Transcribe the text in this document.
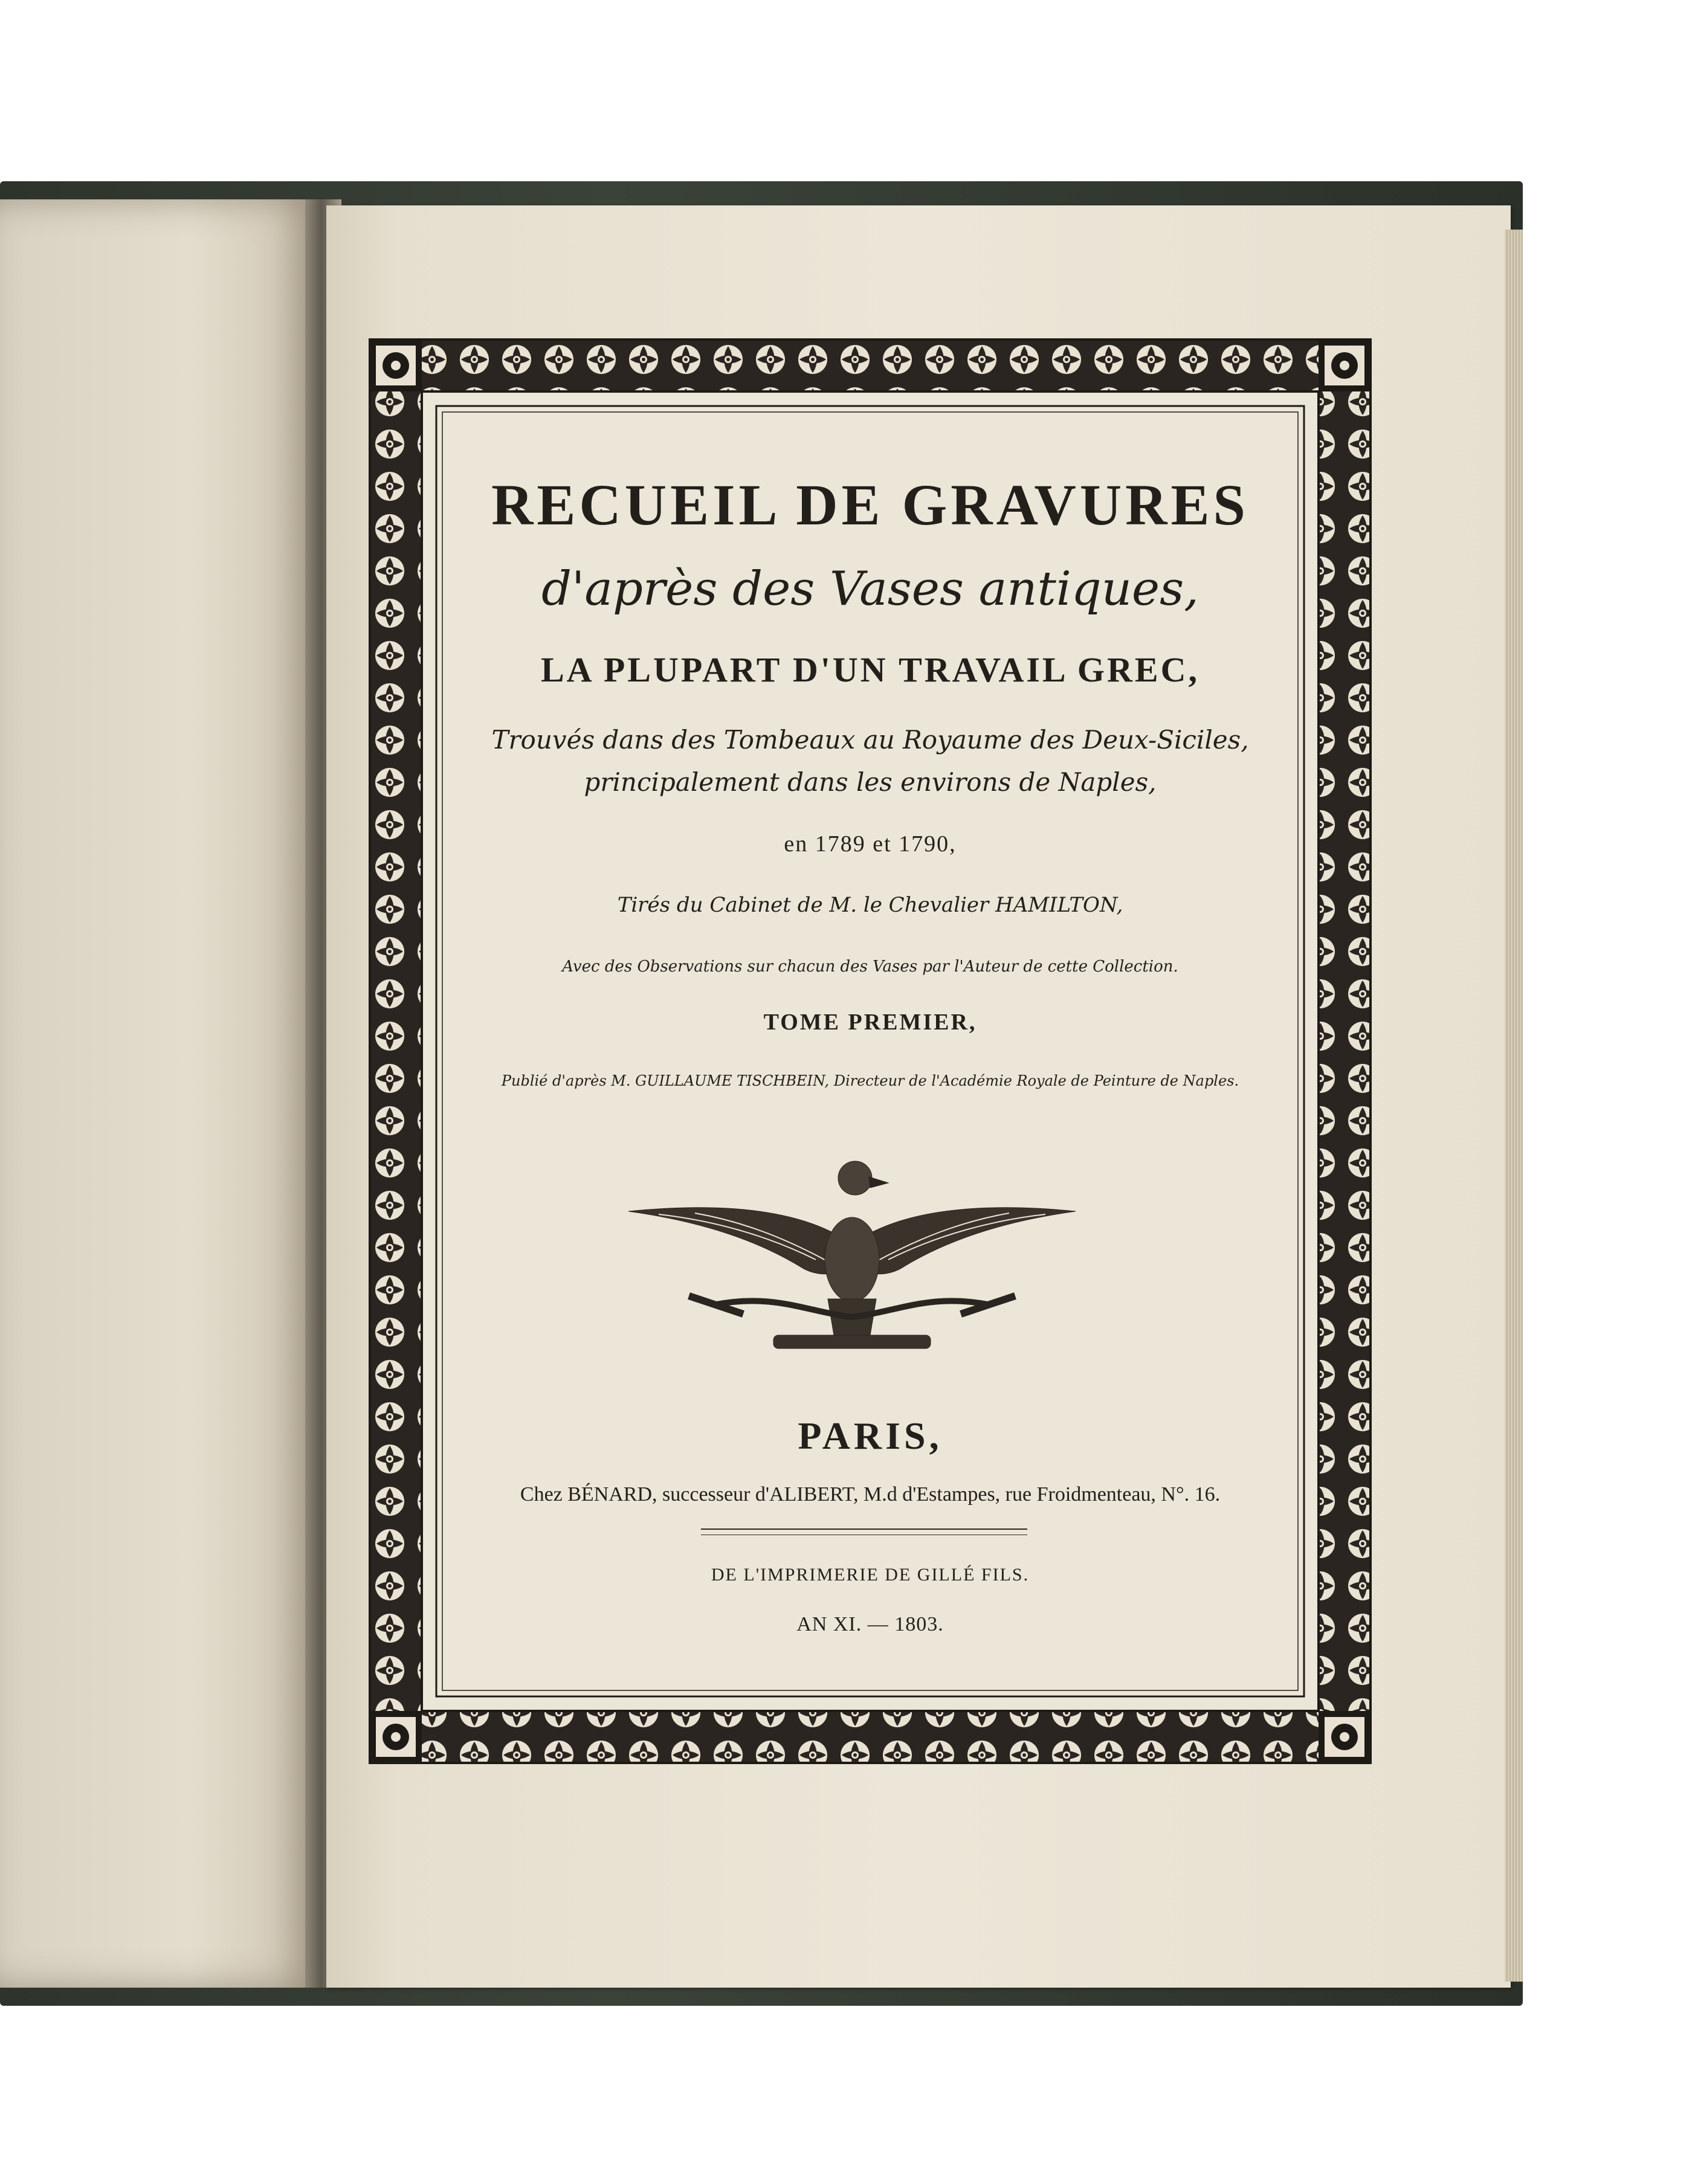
RECUEIL DE GRAVURES

d'après des Vases antiques,

LA PLUPART D'UN TRAVAIL GREC,

Trouvés dans des Tombeaux au Royaume des Deux-Siciles,

principalement dans les environs de Naples,

en 1789 et 1790,

Tirés du Cabinet de M. le Chevalier HAMILTON,

Avec des Observations sur chacun des Vases par l'Auteur de cette Collection.

TOME PREMIER,

Publié d'après M. GUILLAUME TISCHBEIN, Directeur de l'Académie Royale de Peinture de Naples.

PARIS,

Chez BÉNARD, successeur d'ALIBERT, M.d d'Estampes, rue Froidmenteau, N°. 16.

DE L'IMPRIMERIE DE GILLÉ FILS.

AN XI. — 1803.
